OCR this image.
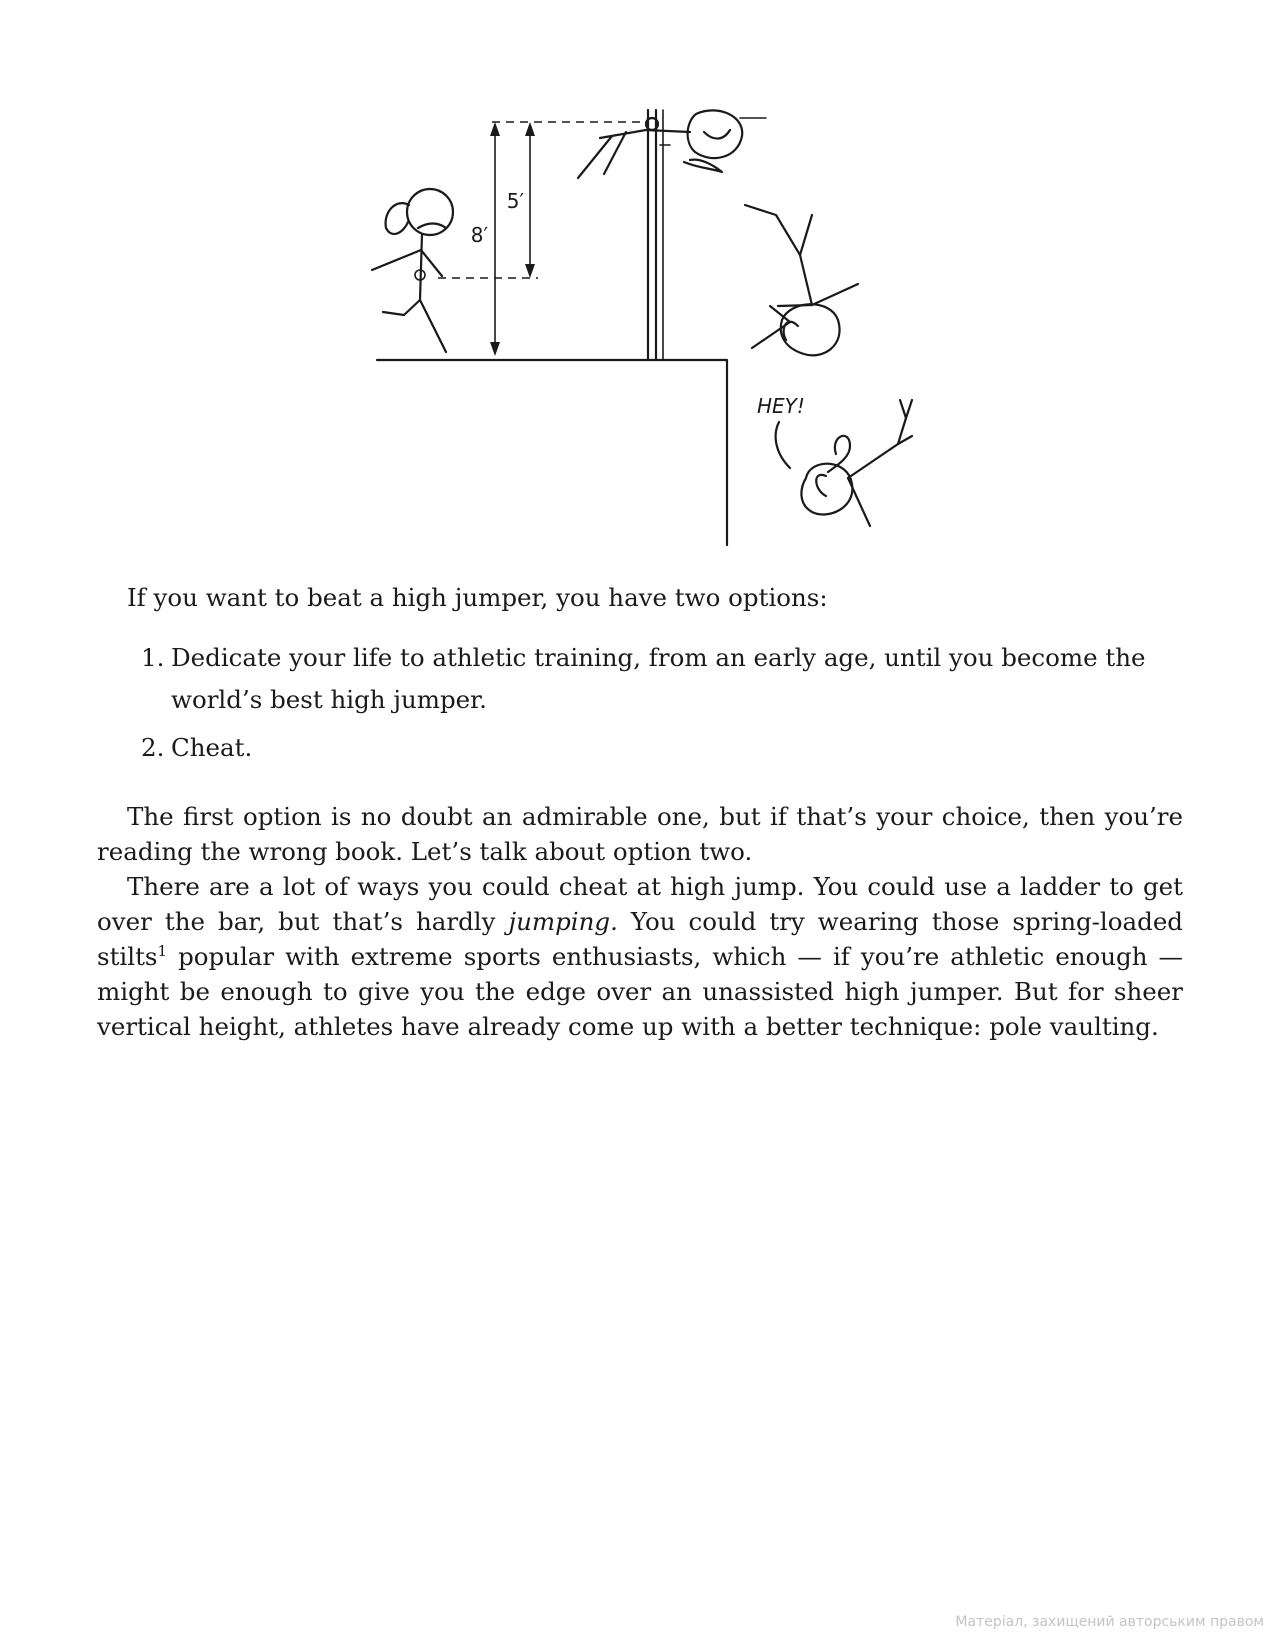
8′
5′
HEY!

If you want to beat a high jumper, you have two options:

1. Dedicate your life to athletic training, from an early age, until you become the world’s best high jumper.
2. Cheat.

The first option is no doubt an admirable one, but if that’s your choice, then you’re reading the wrong book. Let’s talk about option two.

There are a lot of ways you could cheat at high jump. You could use a ladder to get over the bar, but that’s hardly jumping. You could try wearing those spring-loaded stilts$^1$ popular with extreme sports enthusiasts, which — if you’re athletic enough — might be enough to give you the edge over an unassisted high jumper. But for sheer vertical height, athletes have already come up with a better technique: pole vaulting.

Матеріал, захищений авторським правом
